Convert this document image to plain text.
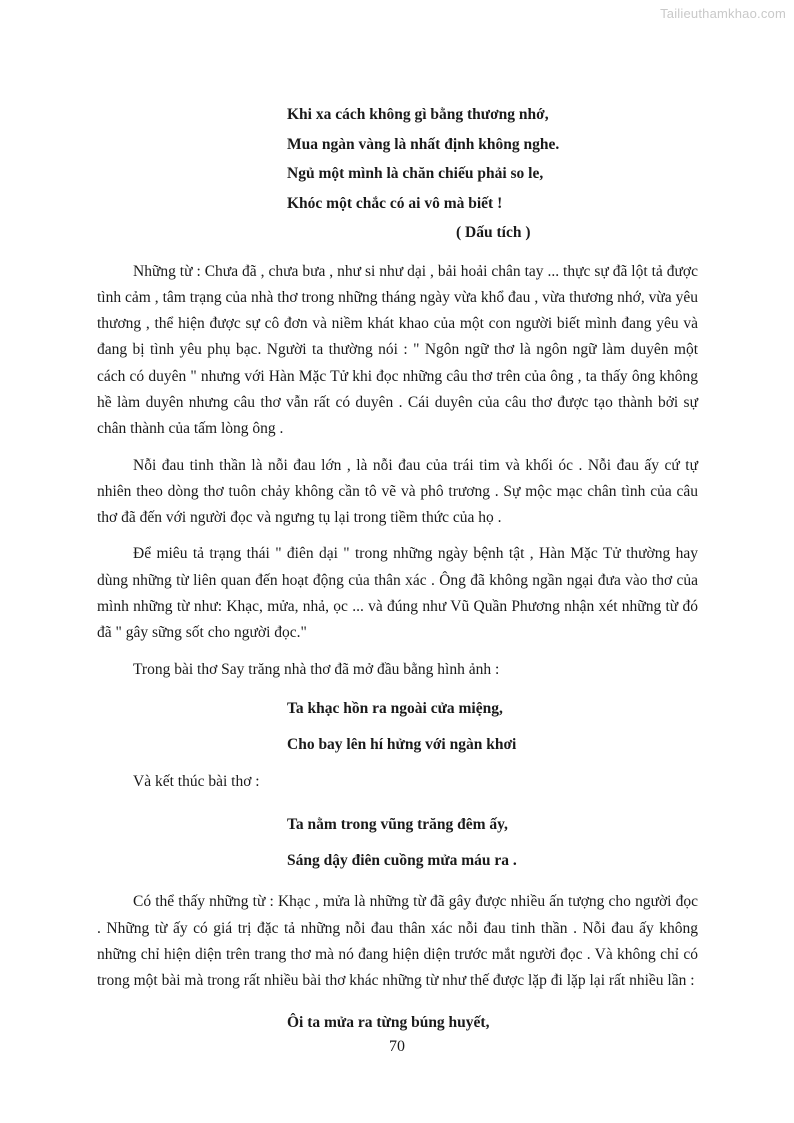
Tailieuthamkhao.com
Khi xa cách không gì bằng thương nhớ,
Mua ngàn vàng là nhất định không nghe.
Ngủ một mình là chăn chiếu phải so le,
Khóc một chắc có ai vô mà biết !
( Dấu tích )

Những từ : Chưa đã , chưa bưa , như si như dại , bải hoải chân tay ... thực sự đã lột tả được tình cảm , tâm trạng của nhà thơ trong những tháng ngày vừa khổ đau , vừa thương nhớ, vừa yêu thương , thể hiện được sự cô đơn và niềm khát khao của một con người biết mình đang yêu và đang bị tình yêu phụ bạc. Người ta thường nói : " Ngôn ngữ thơ là ngôn ngữ làm duyên một cách có duyên " nhưng với Hàn Mặc Tử khi đọc những câu thơ trên của ông , ta thấy ông không hề làm duyên nhưng câu thơ vẫn rất có duyên . Cái duyên của câu thơ được tạo thành bởi sự chân thành của tấm lòng ông .

Nỗi đau tinh thần là nỗi đau lớn , là nỗi đau của trái tim và khối óc . Nỗi đau ấy cứ tự nhiên theo dòng thơ tuôn chảy không cần tô vẽ và phô trương . Sự mộc mạc chân tình của câu thơ đã đến với người đọc và ngưng tụ lại trong tiềm thức của họ .

Để miêu tả trạng thái " điên dại " trong những ngày bệnh tật , Hàn Mặc Tử thường hay dùng những từ liên quan đến hoạt động của thân xác . Ông đã không ngần ngại đưa vào thơ của mình những từ như: Khạc, mửa, nhả, ọc ... và đúng như Vũ Quần Phương nhận xét những từ đó đã " gây sững sốt cho người đọc."

Trong bài thơ Say trăng nhà thơ đã mở đầu bằng hình ảnh :

Ta khạc hồn ra ngoài cửa miệng,
Cho bay lên hí hửng với ngàn khơi

Và kết thúc bài thơ :

Ta nằm trong vũng trăng đêm ấy,
Sáng dậy điên cuồng mửa máu ra .

Có thể thấy những từ : Khạc , mửa là những từ đã gây được nhiều ấn tượng cho người đọc . Những từ ấy có giá trị đặc tả những nỗi đau thân xác nỗi đau tinh thần . Nỗi đau ấy không những chỉ hiện diện trên trang thơ mà nó đang hiện diện trước mắt người đọc . Và không chỉ có trong một bài mà trong rất nhiều bài thơ khác những từ như thế được lặp đi lặp lại rất nhiều lần :

Ôi ta mửa ra từng búng huyết,
70
